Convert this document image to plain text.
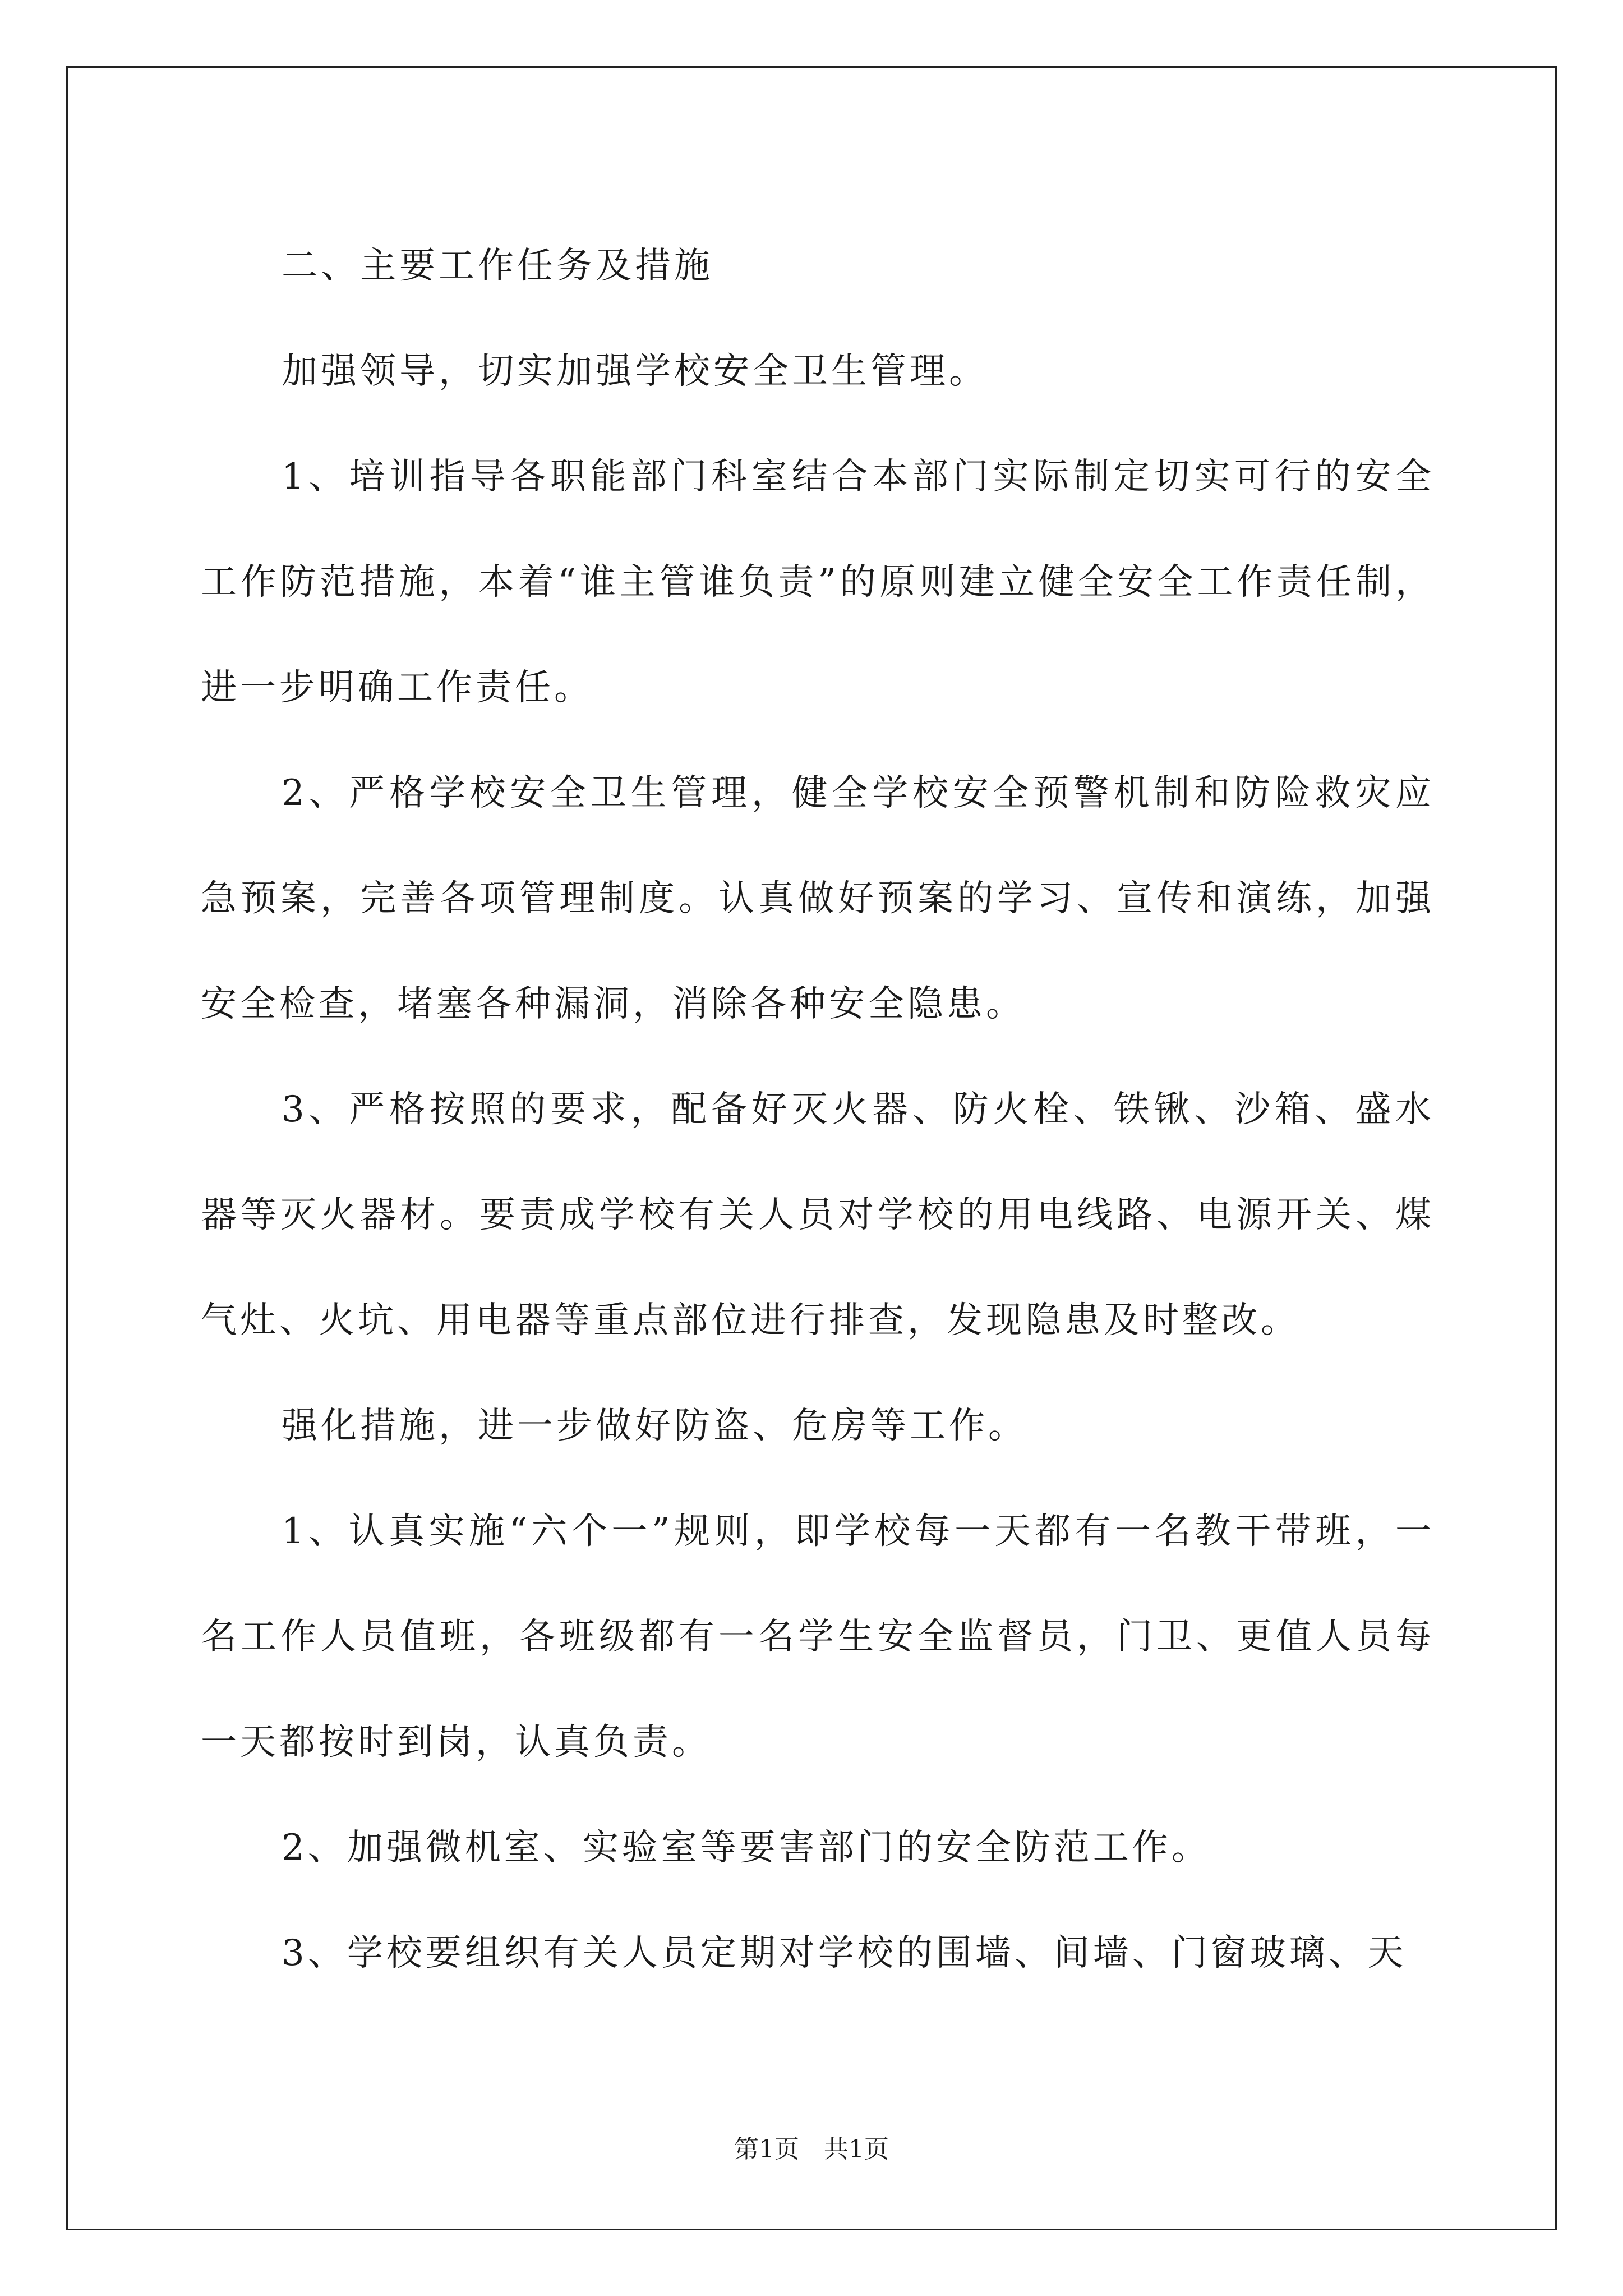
二、主要工作任务及措施

加强领导，切实加强学校安全卫生管理。

1、培训指导各职能部门科室结合本部门实际制定切实可行的安全工作防范措施，本着“谁主管谁负责”的原则建立健全安全工作责任制，进一步明确工作责任。

2、严格学校安全卫生管理，健全学校安全预警机制和防险救灾应急预案，完善各项管理制度。认真做好预案的学习、宣传和演练，加强安全检查，堵塞各种漏洞，消除各种安全隐患。

3、严格按照的要求，配备好灭火器、防火栓、铁锹、沙箱、盛水器等灭火器材。要责成学校有关人员对学校的用电线路、电源开关、煤气灶、火坑、用电器等重点部位进行排查，发现隐患及时整改。

强化措施，进一步做好防盗、危房等工作。

1、认真实施“六个一”规则，即学校每一天都有一名教干带班，一名工作人员值班，各班级都有一名学生安全监督员，门卫、更值人员每一天都按时到岗，认真负责。

2、加强微机室、实验室等要害部门的安全防范工作。

3、学校要组织有关人员定期对学校的围墙、间墙、门窗玻璃、天

第1页　共1页
